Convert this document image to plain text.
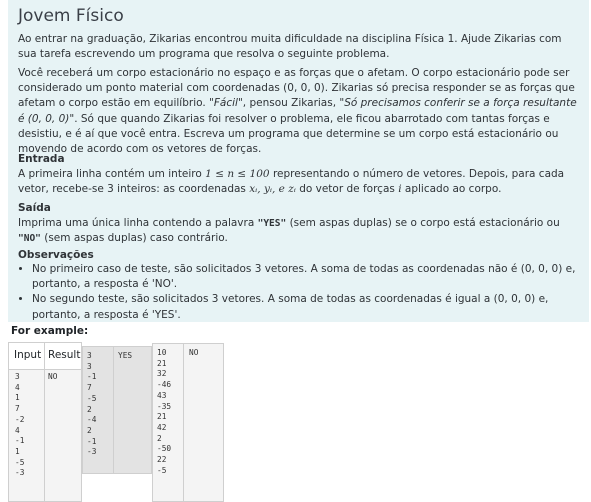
Jovem Físico
Ao entrar na graduação, Zikarias encontrou muita dificuldade na disciplina Física 1. Ajude Zikarias com sua tarefa escrevendo um programa que resolva o seguinte problema.
Você receberá um corpo estacionário no espaço e as forças que o afetam. O corpo estacionário pode ser considerado um ponto material com coordenadas (0, 0, 0). Zikarias só precisa responder se as forças que afetam o corpo estão em equilíbrio. "Fácil", pensou Zikarias, "Só precisamos conferir se a força resultante é (0, 0, 0)". Só que quando Zikarias foi resolver o problema, ele ficou abarrotado com tantas forças e desistiu, e é aí que você entra. Escreva um programa que determine se um corpo está estacionário ou movendo de acordo com os vetores de forças.
Entrada
A primeira linha contém um inteiro 1 ≤ n ≤ 100 representando o número de vetores. Depois, para cada vetor, recebe-se 3 inteiros: as coordenadas xᵢ, yᵢ, e zᵢ do vetor de forças i aplicado ao corpo.
Saída
Imprima uma única linha contendo a palavra "YES" (sem aspas duplas) se o corpo está estacionário ou "NO" (sem aspas duplas) caso contrário.
Observações
• No primeiro caso de teste, são solicitados 3 vetores. A soma de todas as coordenadas não é (0, 0, 0) e, portanto, a resposta é 'NO'.
• No segundo teste, são solicitados 3 vetores. A soma de todas as coordenadas é igual a (0, 0, 0) e, portanto, a resposta é 'YES'.
For example:
Input Result
3
4
1
7
-2
4
-1
1
-5
-3
NO
3
3
-1
7
-5
2
-4
2
-1
-3
YES	10
21
32
-46
43
-35
21
42
2
-50
22
-5
NO
